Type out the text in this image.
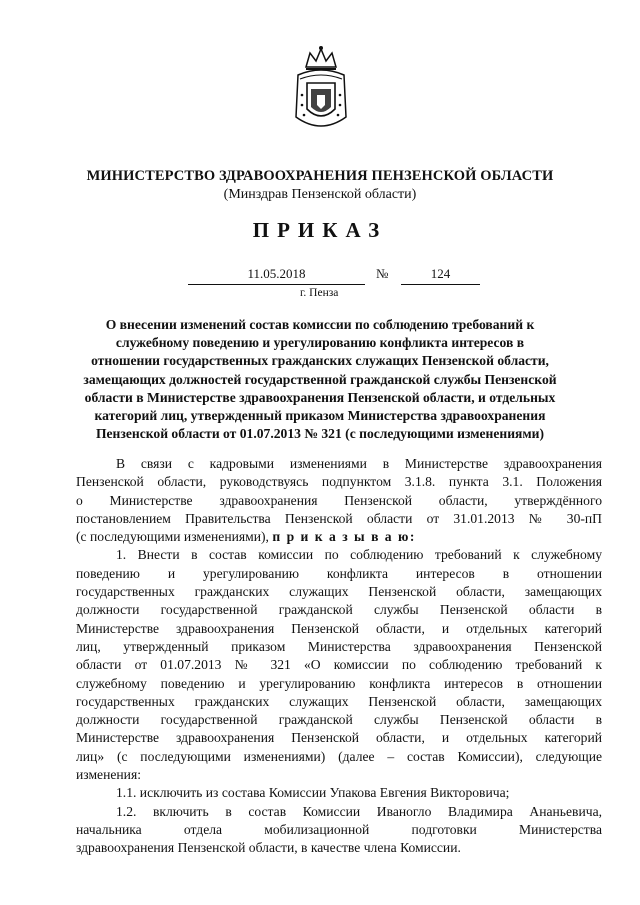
МИНИСТЕРСТВО ЗДРАВООХРАНЕНИЯ ПЕНЗЕНСКОЙ ОБЛАСТИ
(Минздрав Пензенской области)
ПРИКАЗ
11.05.2018	№	124
г. Пенза
О внесении изменений состав комиссии по соблюдению требований к
служебному поведению и урегулированию конфликта интересов в
отношении государственных гражданских служащих Пензенской области,
замещающих должностей государственной гражданской службы Пензенской
области в Министерстве здравоохранения Пензенской области, и отдельных
категорий лиц, утвержденный приказом Министерства здравоохранения
Пензенской области от 01.07.2013 № 321 (с последующими изменениями)
В связи с кадровыми изменениями в Министерстве здравоохранения
Пензенской области, руководствуясь подпунктом 3.1.8. пункта 3.1. Положения
о Министерстве здравоохранения Пензенской области, утверждённого
постановлением Правительства Пензенской области от 31.01.2013 № 30-пП
(с последующими изменениями), п р и к а з ы в а ю:
1. Внести в состав комиссии по соблюдению требований к служебному
поведению и урегулированию конфликта интересов в отношении
государственных гражданских служащих Пензенской области, замещающих
должности государственной гражданской службы Пензенской области в
Министерстве здравоохранения Пензенской области, и отдельных категорий
лиц, утвержденный приказом Министерства здравоохранения Пензенской
области от 01.07.2013 № 321 «О комиссии по соблюдению требований к
служебному поведению и урегулированию конфликта интересов в отношении
государственных гражданских служащих Пензенской области, замещающих
должности государственной гражданской службы Пензенской области в
Министерстве здравоохранения Пензенской области, и отдельных категорий
лиц» (с последующими изменениями) (далее – состав Комиссии), следующие
изменения:
1.1. исключить из состава Комиссии Упакова Евгения Викторовича;
1.2. включить в состав Комиссии Иваногло Владимира Ананьевича,
начальника отдела мобилизационной подготовки Министерства
здравоохранения Пензенской области, в качестве члена Комиссии.
